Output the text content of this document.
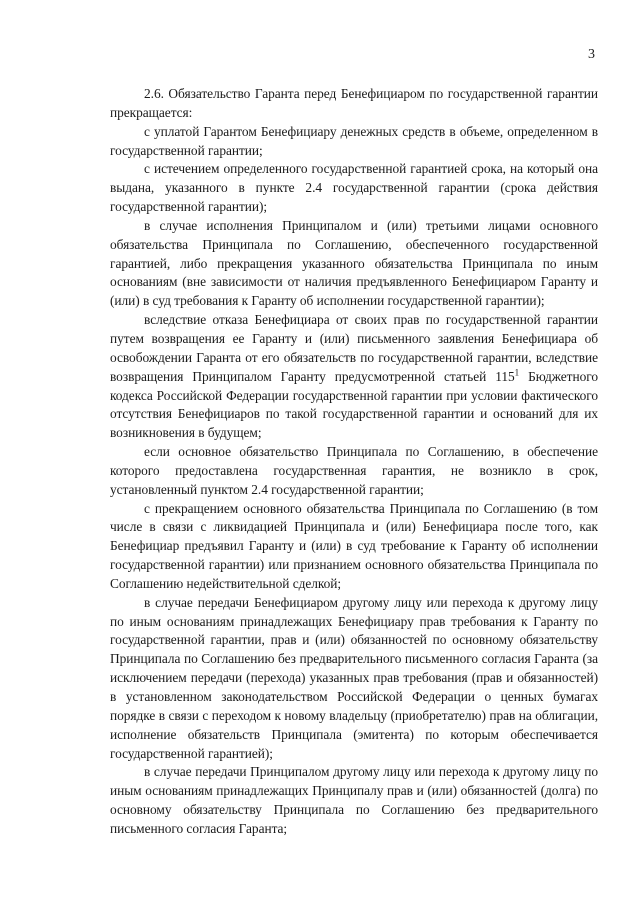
3

2.6. Обязательство Гаранта перед Бенефициаром по государственной гарантии прекращается:

с уплатой Гарантом Бенефициару денежных средств в объеме, определенном в государственной гарантии;

с истечением определенного государственной гарантией срока, на который она выдана, указанного в пункте 2.4 государственной гарантии (срока действия государственной гарантии);

в случае исполнения Принципалом и (или) третьими лицами основного обязательства Принципала по Соглашению, обеспеченного государственной гарантией, либо прекращения указанного обязательства Принципала по иным основаниям (вне зависимости от наличия предъявленного Бенефициаром Гаранту и (или) в суд требования к Гаранту об исполнении государственной гарантии);

вследствие отказа Бенефициара от своих прав по государственной гарантии путем возвращения ее Гаранту и (или) письменного заявления Бенефициара об освобождении Гаранта от его обязательств по государственной гарантии, вследствие возвращения Принципалом Гаранту предусмотренной статьей $115^1$ Бюджетного кодекса Российской Федерации государственной гарантии при условии фактического отсутствия Бенефициаров по такой государственной гарантии и оснований для их возникновения в будущем;

если основное обязательство Принципала по Соглашению, в обеспечение которого предоставлена государственная гарантия, не возникло в срок, установленный пунктом 2.4 государственной гарантии;

с прекращением основного обязательства Принципала по Соглашению (в том числе в связи с ликвидацией Принципала и (или) Бенефициара после того, как Бенефициар предъявил Гаранту и (или) в суд требование к Гаранту об исполнении государственной гарантии) или признанием основного обязательства Принципала по Соглашению недействительной сделкой;

в случае передачи Бенефициаром другому лицу или перехода к другому лицу по иным основаниям принадлежащих Бенефициару прав требования к Гаранту по государственной гарантии, прав и (или) обязанностей по основному обязательству Принципала по Соглашению без предварительного письменного согласия Гаранта (за исключением передачи (перехода) указанных прав требования (прав и обязанностей) в установленном законодательством Российской Федерации о ценных бумагах порядке в связи с переходом к новому владельцу (приобретателю) прав на облигации, исполнение обязательств Принципала (эмитента) по которым обеспечивается государственной гарантией);

в случае передачи Принципалом другому лицу или перехода к другому лицу по иным основаниям принадлежащих Принципалу прав и (или) обязанностей (долга) по основному обязательству Принципала по Соглашению без предварительного письменного согласия Гаранта;
